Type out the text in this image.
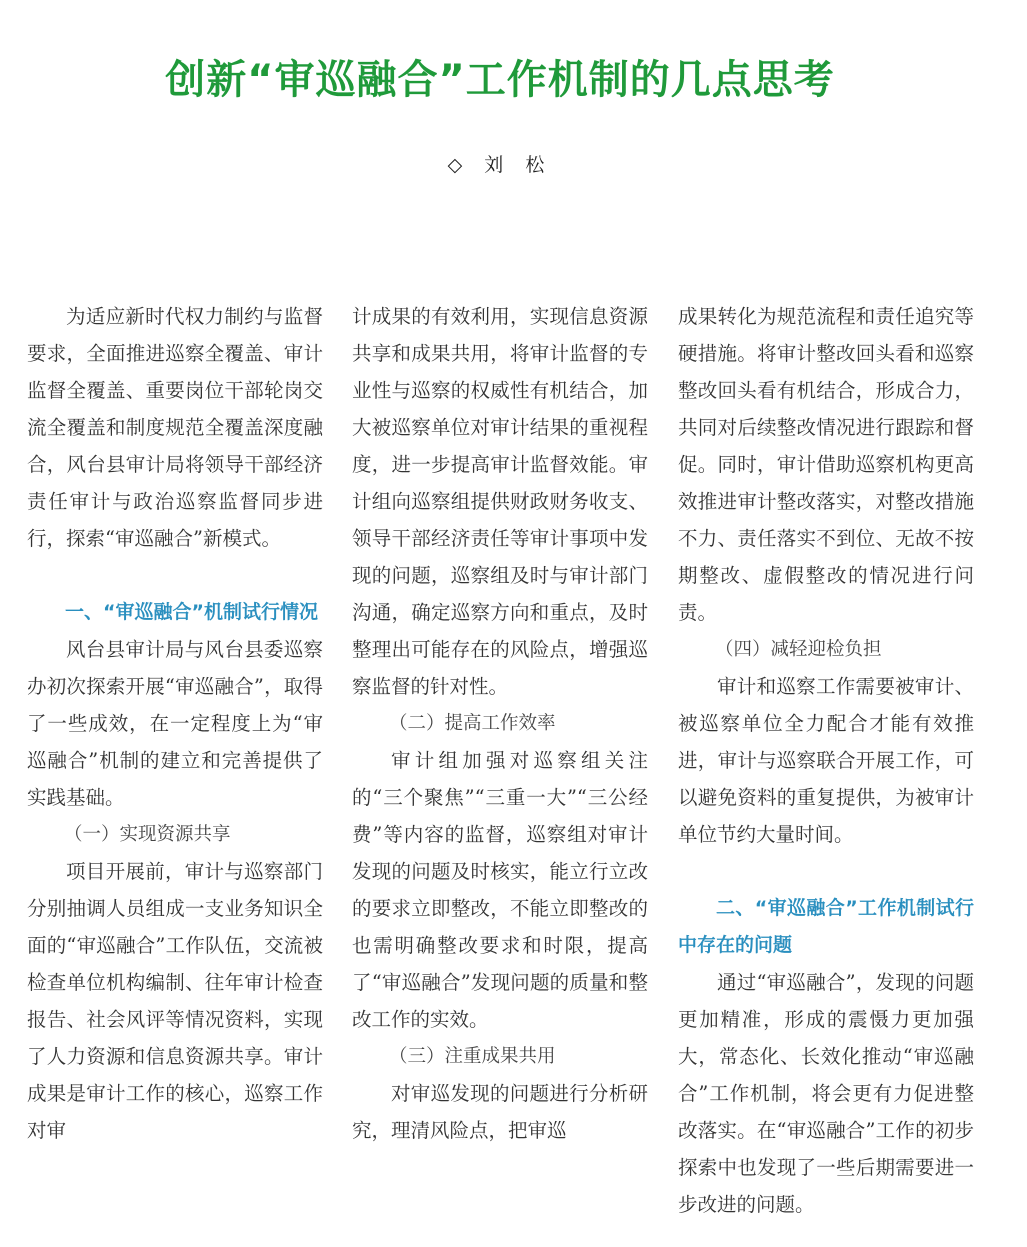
创新“审巡融合”工作机制的几点思考
◇ 刘 松

为适应新时代权力制约与监督要求，全面推进巡察全覆盖、审计监督全覆盖、重要岗位干部轮岗交流全覆盖和制度规范全覆盖深度融合，风台县审计局将领导干部经济责任审计与政治巡察监督同步进行，探索“审巡融合”新模式。

一、“审巡融合”机制试行情况

风台县审计局与风台县委巡察办初次探索开展“审巡融合”，取得了一些成效，在一定程度上为“审巡融合”机制的建立和完善提供了实践基础。

（一）实现资源共享

项目开展前，审计与巡察部门分别抽调人员组成一支业务知识全面的“审巡融合”工作队伍，交流被检查单位机构编制、往年审计检查报告、社会风评等情况资料，实现了人力资源和信息资源共享。审计成果是审计工作的核心，巡察工作对审

计成果的有效利用，实现信息资源共享和成果共用，将审计监督的专业性与巡察的权威性有机结合，加大被巡察单位对审计结果的重视程度，进一步提高审计监督效能。审计组向巡察组提供财政财务收支、领导干部经济责任等审计事项中发现的问题，巡察组及时与审计部门沟通，确定巡察方向和重点，及时整理出可能存在的风险点，增强巡察监督的针对性。

（二）提高工作效率

审计组加强对巡察组关注的“三个聚焦”“三重一大”“三公经费”等内容的监督，巡察组对审计发现的问题及时核实，能立行立改的要求立即整改，不能立即整改的也需明确整改要求和时限，提高了“审巡融合”发现问题的质量和整改工作的实效。

（三）注重成果共用

对审巡发现的问题进行分析研究，理清风险点，把审巡

成果转化为规范流程和责任追究等硬措施。将审计整改回头看和巡察整改回头看有机结合，形成合力，共同对后续整改情况进行跟踪和督促。同时，审计借助巡察机构更高效推进审计整改落实，对整改措施不力、责任落实不到位、无故不按期整改、虚假整改的情况进行问责。

（四）减轻迎检负担

审计和巡察工作需要被审计、被巡察单位全力配合才能有效推进，审计与巡察联合开展工作，可以避免资料的重复提供，为被审计单位节约大量时间。

二、“审巡融合”工作机制试行中存在的问题

通过“审巡融合”，发现的问题更加精准，形成的震慑力更加强大，常态化、长效化推动“审巡融合”工作机制，将会更有力促进整改落实。在“审巡融合”工作的初步探索中也发现了一些后期需要进一步改进的问题。
